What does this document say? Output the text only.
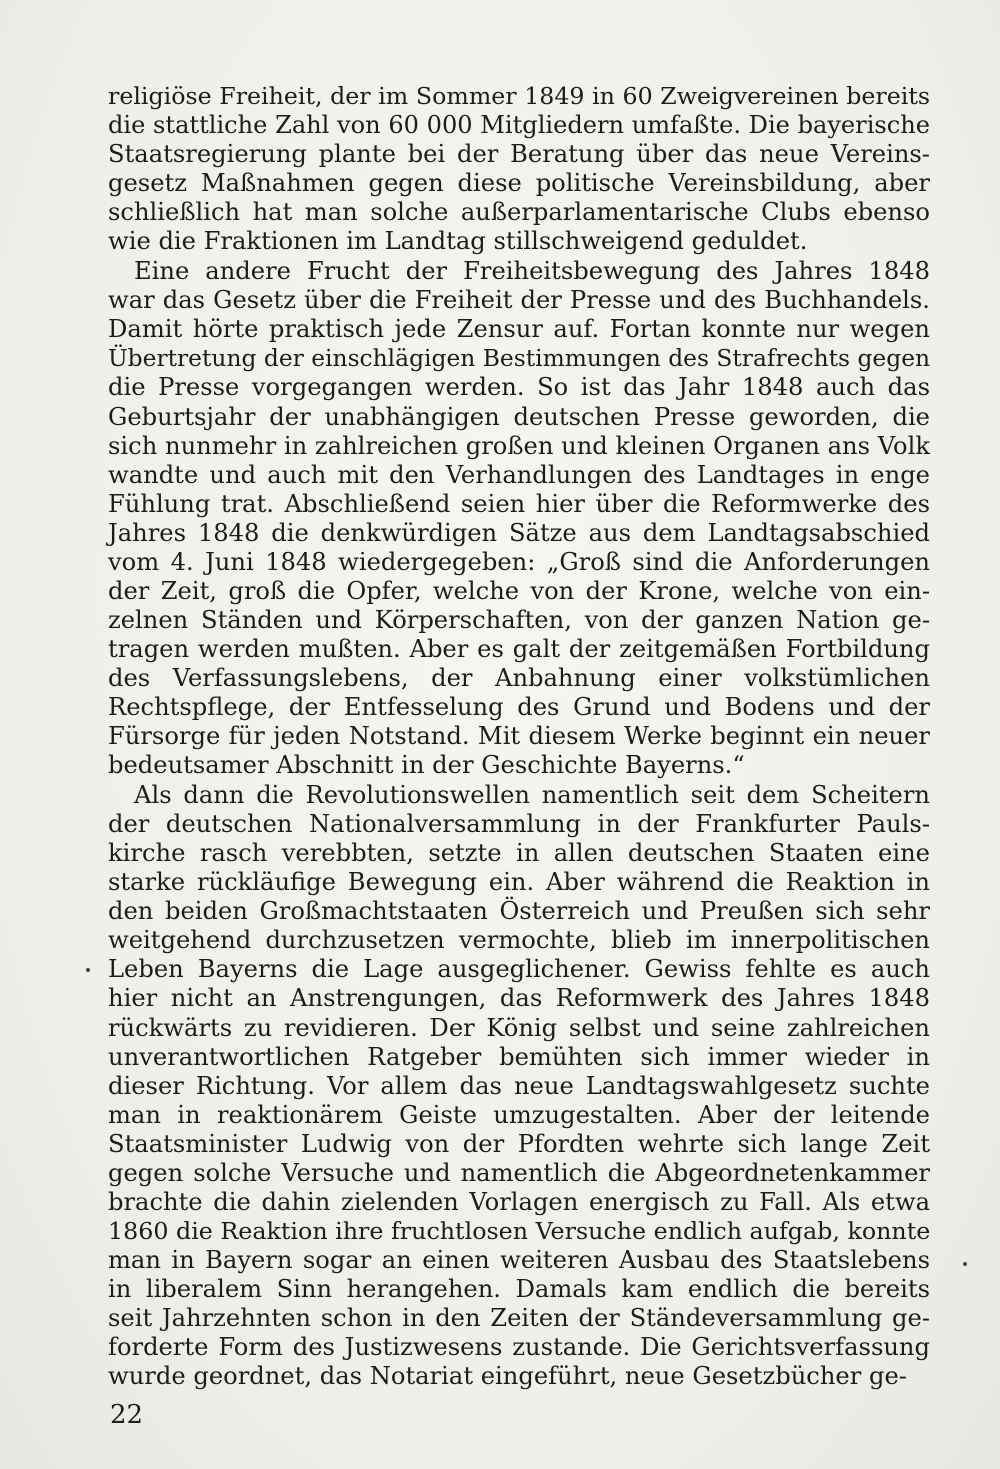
religiöse Freiheit, der im Sommer 1849 in 60 Zweigvereinen bereits
die stattliche Zahl von 60 000 Mitgliedern umfaßte. Die bayerische
Staatsregierung plante bei der Beratung über das neue Vereins-
gesetz Maßnahmen gegen diese politische Vereinsbildung, aber
schließlich hat man solche außerparlamentarische Clubs ebenso
wie die Fraktionen im Landtag stillschweigend geduldet.
Eine andere Frucht der Freiheitsbewegung des Jahres 1848
war das Gesetz über die Freiheit der Presse und des Buchhandels.
Damit hörte praktisch jede Zensur auf. Fortan konnte nur wegen
Übertretung der einschlägigen Bestimmungen des Strafrechts gegen
die Presse vorgegangen werden. So ist das Jahr 1848 auch das
Geburtsjahr der unabhängigen deutschen Presse geworden, die
sich nunmehr in zahlreichen großen und kleinen Organen ans Volk
wandte und auch mit den Verhandlungen des Landtages in enge
Fühlung trat. Abschließend seien hier über die Reformwerke des
Jahres 1848 die denkwürdigen Sätze aus dem Landtagsabschied
vom 4. Juni 1848 wiedergegeben: „Groß sind die Anforderungen
der Zeit, groß die Opfer, welche von der Krone, welche von ein-
zelnen Ständen und Körperschaften, von der ganzen Nation ge-
tragen werden mußten. Aber es galt der zeitgemäßen Fortbildung
des Verfassungslebens, der Anbahnung einer volkstümlichen
Rechtspflege, der Entfesselung des Grund und Bodens und der
Fürsorge für jeden Notstand. Mit diesem Werke beginnt ein neuer
bedeutsamer Abschnitt in der Geschichte Bayerns.“
Als dann die Revolutionswellen namentlich seit dem Scheitern
der deutschen Nationalversammlung in der Frankfurter Pauls-
kirche rasch verebbten, setzte in allen deutschen Staaten eine
starke rückläufige Bewegung ein. Aber während die Reaktion in
den beiden Großmachtstaaten Österreich und Preußen sich sehr
weitgehend durchzusetzen vermochte, blieb im innerpolitischen
Leben Bayerns die Lage ausgeglichener. Gewiss fehlte es auch
hier nicht an Anstrengungen, das Reformwerk des Jahres 1848
rückwärts zu revidieren. Der König selbst und seine zahlreichen
unverantwortlichen Ratgeber bemühten sich immer wieder in
dieser Richtung. Vor allem das neue Landtagswahlgesetz suchte
man in reaktionärem Geiste umzugestalten. Aber der leitende
Staatsminister Ludwig von der Pfordten wehrte sich lange Zeit
gegen solche Versuche und namentlich die Abgeordnetenkammer
brachte die dahin zielenden Vorlagen energisch zu Fall. Als etwa
1860 die Reaktion ihre fruchtlosen Versuche endlich aufgab, konnte
man in Bayern sogar an einen weiteren Ausbau des Staatslebens
in liberalem Sinn herangehen. Damals kam endlich die bereits
seit Jahrzehnten schon in den Zeiten der Ständeversammlung ge-
forderte Form des Justizwesens zustande. Die Gerichtsverfassung
wurde geordnet, das Notariat eingeführt, neue Gesetzbücher ge-
22
